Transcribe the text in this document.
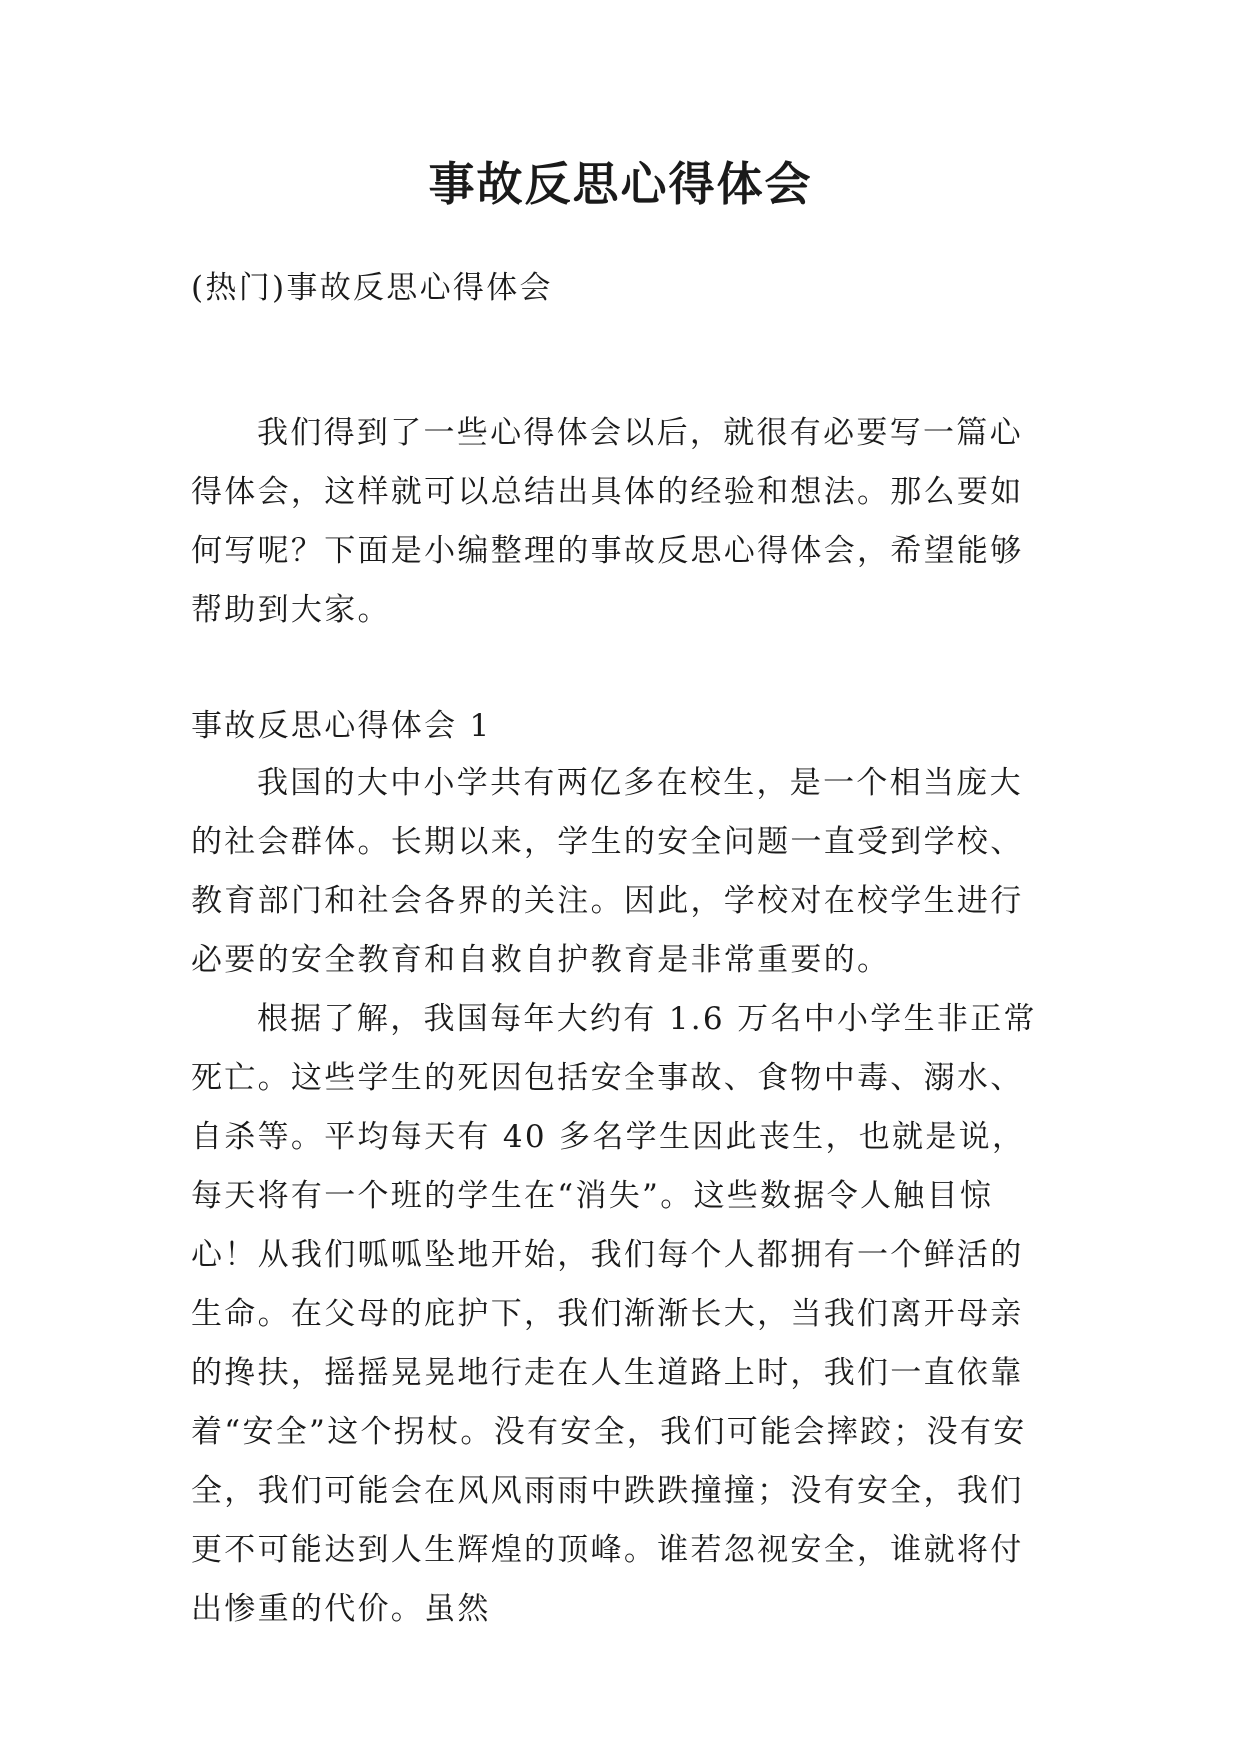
事故反思心得体会

(热门)事故反思心得体会

我们得到了一些心得体会以后，就很有必要写一篇心得体会，这样就可以总结出具体的经验和想法。那么要如何写呢？下面是小编整理的事故反思心得体会，希望能够帮助到大家。

事故反思心得体会 1

我国的大中小学共有两亿多在校生，是一个相当庞大的社会群体。长期以来，学生的安全问题一直受到学校、教育部门和社会各界的关注。因此，学校对在校学生进行必要的安全教育和自救自护教育是非常重要的。

根据了解，我国每年大约有 1.6 万名中小学生非正常死亡。这些学生的死因包括安全事故、食物中毒、溺水、自杀等。平均每天有 40 多名学生因此丧生，也就是说，每天将有一个班的学生在“消失”。这些数据令人触目惊心！从我们呱呱坠地开始，我们每个人都拥有一个鲜活的生命。在父母的庇护下，我们渐渐长大，当我们离开母亲的搀扶，摇摇晃晃地行走在人生道路上时，我们一直依靠着“安全”这个拐杖。没有安全，我们可能会摔跤；没有安全，我们可能会在风风雨雨中跌跌撞撞；没有安全，我们更不可能达到人生辉煌的顶峰。谁若忽视安全，谁就将付出惨重的代价。虽然
